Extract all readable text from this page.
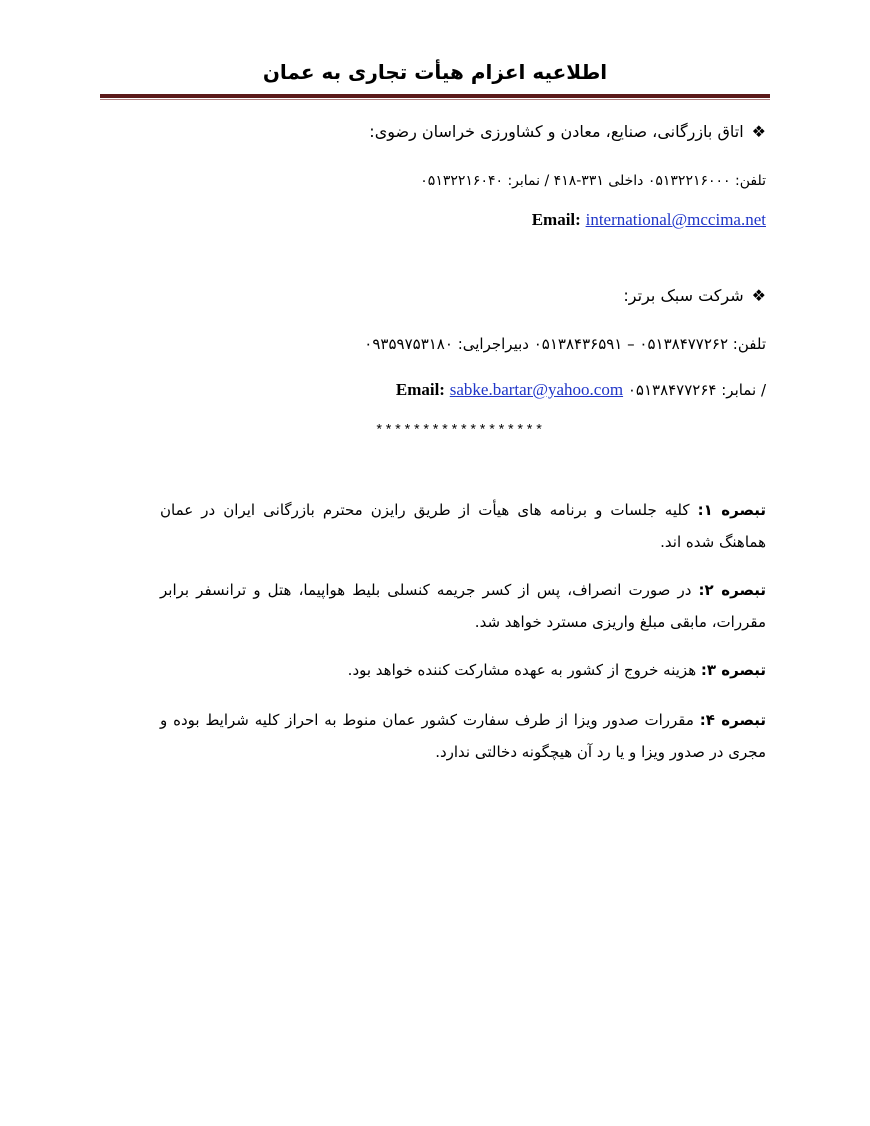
اطلاعیه اعزام هیأت تجاری به عمان
❖اتاق بازرگانی، صنایع، معادن و کشاورزی خراسان رضوی:
تلفن: ۰۵۱۳۲۲۱۶۰۰۰ داخلی ۳۳۱-۴۱۸ / نمابر: ۰۵۱۳۲۲۱۶۰۴۰
Email: international@mccima.net
❖شرکت سبک برتر:
تلفن: ۰۵۱۳۸۴۷۷۲۶۲ – ۰۵۱۳۸۴۳۶۵۹۱ دبیراجرایی: ۰۹۳۵۹۷۵۳۱۸۰
Email: sabke.bartar@yahoo.com نمابر: ۰۵۱۳۸۴۷۷۲۶۴ /
******************
تبصره ۱: کلیه جلسات و برنامه های هیأت از طریق رایزن محترم بازرگانی ایران در عمان هماهنگ شده اند.
تبصره ۲: در صورت انصراف، پس از کسر جریمه کنسلی بلیط هواپیما، هتل و ترانسفر برابر مقررات، مابقی مبلغ واریزی مسترد خواهد شد.
تبصره ۳: هزینه خروج از کشور به عهده مشارکت کننده خواهد بود.
تبصره ۴: مقررات صدور ویزا از طرف سفارت کشور عمان منوط به احراز کلیه شرایط بوده و مجری در صدور ویزا و یا رد آن هیچگونه دخالتی ندارد.
